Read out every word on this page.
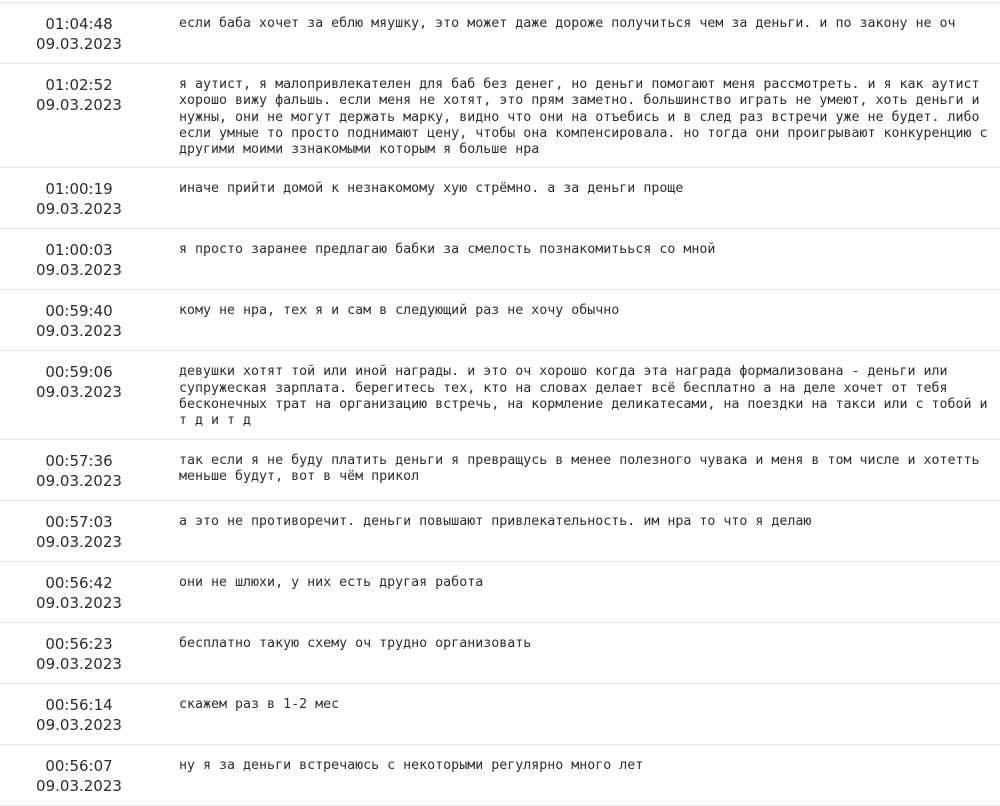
01:04:48
09.03.2023
если баба хочет за еблю мяушку, это может даже дороже получиться чем за деньги. и по закону не оч
01:02:52
09.03.2023
я аутист, я малопривлекателен для баб без денег, но деньги помогают меня рассмотреть. и я как аутист хорошо вижу фальшь. если меня не хотят, это прям заметно. большинство играть не умеют, хоть деньги и нужны, они не могут держать марку, видно что они на отъебись и в след раз встречи уже не будет. либо если умные то просто поднимают цену, чтобы она компенсировала. но тогда они проигрывают конкуренцию с другими моими ззнакомыми которым я больше нра
01:00:19
09.03.2023
иначе прийти домой к незнакомому хую стрёмно. а за деньги проще
01:00:03
09.03.2023
я просто заранее предлагаю бабки за смелость познакомитьься со мной
00:59:40
09.03.2023
кому не нра, тех я и сам в следующий раз не хочу обычно
00:59:06
09.03.2023
девушки хотят той или иной награды. и это оч хорошо когда эта награда формализована - деньги или супружеская зарплата. берегитесь тех, кто на словах делает всё бесплатно а на деле хочет от тебя бесконечных трат на организацию встречь, на кормление деликатесами, на поездки на такси или с тобой и т д и т д
00:57:36
09.03.2023
так если я не буду платить деньги я превращусь в менее полезного чувака и меня в том числе и хотетть меньше будут, вот в чём прикол
00:57:03
09.03.2023
а это не противоречит. деньги повышают привлекательность. им нра то что я делаю
00:56:42
09.03.2023
они не шлюхи, у них есть другая работа
00:56:23
09.03.2023
бесплатно такую схему оч трудно организовать
00:56:14
09.03.2023
скажем раз в 1-2 мес
00:56:07
09.03.2023
ну я за деньги встречаюсь с некоторыми регулярно много лет
